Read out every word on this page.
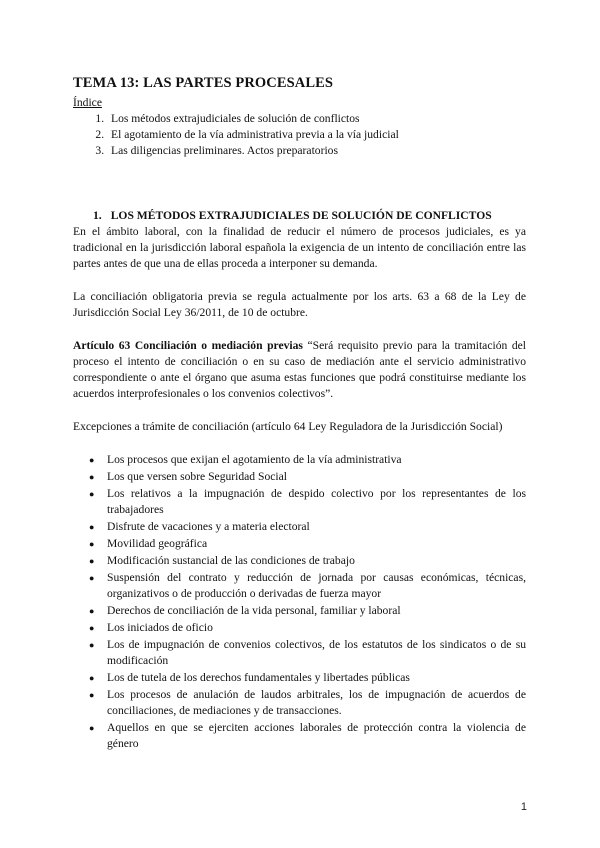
TEMA 13: LAS PARTES PROCESALES
Índice
1. Los métodos extrajudiciales de solución de conflictos
2. El agotamiento de la vía administrativa previa a la vía judicial
3. Las diligencias preliminares. Actos preparatorios
1. LOS MÉTODOS EXTRAJUDICIALES DE SOLUCIÓN DE CONFLICTOS

En el ámbito laboral, con la finalidad de reducir el número de procesos judiciales, es ya tradicional en la jurisdicción laboral española la exigencia de un intento de conciliación entre las partes antes de que una de ellas proceda a interponer su demanda.

La conciliación obligatoria previa se regula actualmente por los arts. 63 a 68 de la Ley de Jurisdicción Social Ley 36/2011, de 10 de octubre.

Artículo 63 Conciliación o mediación previas “Será requisito previo para la tramitación del proceso el intento de conciliación o en su caso de mediación ante el servicio administrativo correspondiente o ante el órgano que asuma estas funciones que podrá constituirse mediante los acuerdos interprofesionales o los convenios colectivos”.

Excepciones a trámite de conciliación (artículo 64 Ley Reguladora de la Jurisdicción Social)

● Los procesos que exijan el agotamiento de la vía administrativa
● Los que versen sobre Seguridad Social
● Los relativos a la impugnación de despido colectivo por los representantes de los trabajadores
● Disfrute de vacaciones y a materia electoral
● Movilidad geográfica
● Modificación sustancial de las condiciones de trabajo
● Suspensión del contrato y reducción de jornada por causas económicas, técnicas, organizativos o de producción o derivadas de fuerza mayor
● Derechos de conciliación de la vida personal, familiar y laboral
● Los iniciados de oficio
● Los de impugnación de convenios colectivos, de los estatutos de los sindicatos o de su modificación
● Los de tutela de los derechos fundamentales y libertades públicas
● Los procesos de anulación de laudos arbitrales, los de impugnación de acuerdos de conciliaciones, de mediaciones y de transacciones.
● Aquellos en que se ejerciten acciones laborales de protección contra la violencia de género
1
